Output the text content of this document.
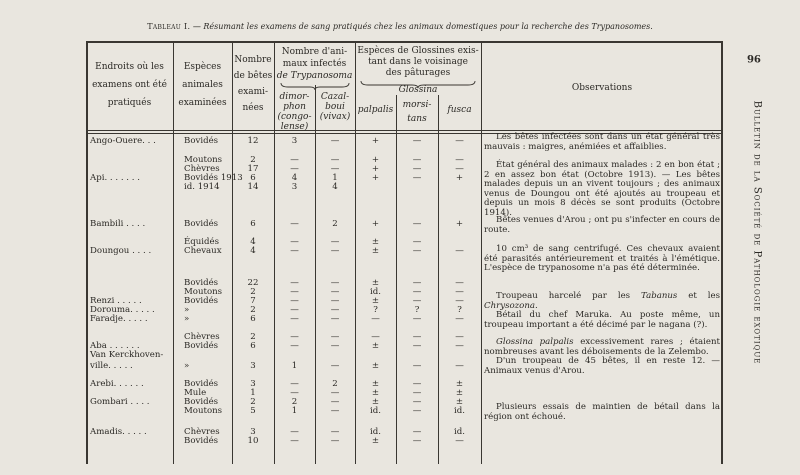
Tableau I. — Résumant les examens de sang pratiqués chez les animaux domestiques pour la recherche des Trypanosomes.
96
Bulletin de la Société de Pathologie exotique
Endroits où les
examens ont été
pratiqués
Espèces
animales
examinées
Nombre
de bêtes
exami-
nées
Nombre d'ani-
maux infectés
de Trypanosoma
dimor-
phon
(congo-
lense)
Cazal-
boui
(vivax)
Espèces de Glossines exis-
tant dans le voisinage
des pâturages
Glossina
palpalis	morsi-
tans
fusca
Observations
Ango-Ouere. . .	Bovidés	12	3	—	+	—	—
Moutons	2	—	—	+	—	—
Chèvres	17	—	—	+	—	—
Api. . . . . . .	Bovidés 1913 6	4	1	+	—	+
id. 1914	14	3	4
Bambili . . . .	Bovidés	6	—	2	+	—	+
Équidés	4	—	—	±	—
Doungou . . . .	Chevaux	4	—	—	±	—	—
Bovidés	22	—	—	±	—	—
Moutons	2	—	—	id.	—	—
Renzi . . . . .	Bovidés	7	—	—	±	—	—
Dorouma. . . . .	»	2	—	—	?	?	?
Faradje. . . . .	»	6	—	—	—	—	—
Chèvres	2	—	—	—	—	—
Aba . . . . . .	Bovidés	6	—	—	±	—	—
Van Kerckhoven-
ville. . . . .	»	3	1	—	±	—	—
Arebi. . . . . .	Bovidés	3	—	2	±	—	±
Mule	1	—	—	±	—	±
Gombari . . . .	Bovidés	2	2	—	±	—	±
Moutons	5	1	—	id.	—	id.
Amadis. . . . .	Chèvres	3	—	—	id.	—	id.
Bovidés	10	—	—	±	—	—
Les bêtes infectées sont dans un état général très mauvais : maigres, anémiées et affaiblies.
État général des animaux malades : 2 en bon état ; 2 en assez bon état (Octobre 1913). — Les bêtes malades depuis un an vivent toujours ; des animaux venus de Doungou ont été ajoutés au troupeau et depuis un mois 8 décès se sont produits (Octobre 1914).
Bêtes venues d'Arou ; ont pu s'infecter en cours de route.
10 cm³ de sang centrifugé. Ces chevaux avaient été parasités antérieurement et traités à l'émétique. L'espèce de trypanosome n'a pas été déterminée.
Troupeau harcelé par les Tabanus et les Chrysozona.
Bétail du chef Maruka. Au poste même, un troupeau important a été décimé par le nagana (?).
Glossina palpalis excessivement rares ; étaient nombreuses avant les déboisements de la Zelembo.
D'un troupeau de 45 bêtes, il en reste 12. — Animaux venus d'Arou.
Plusieurs essais de maintien de bétail dans la région ont échoué.
